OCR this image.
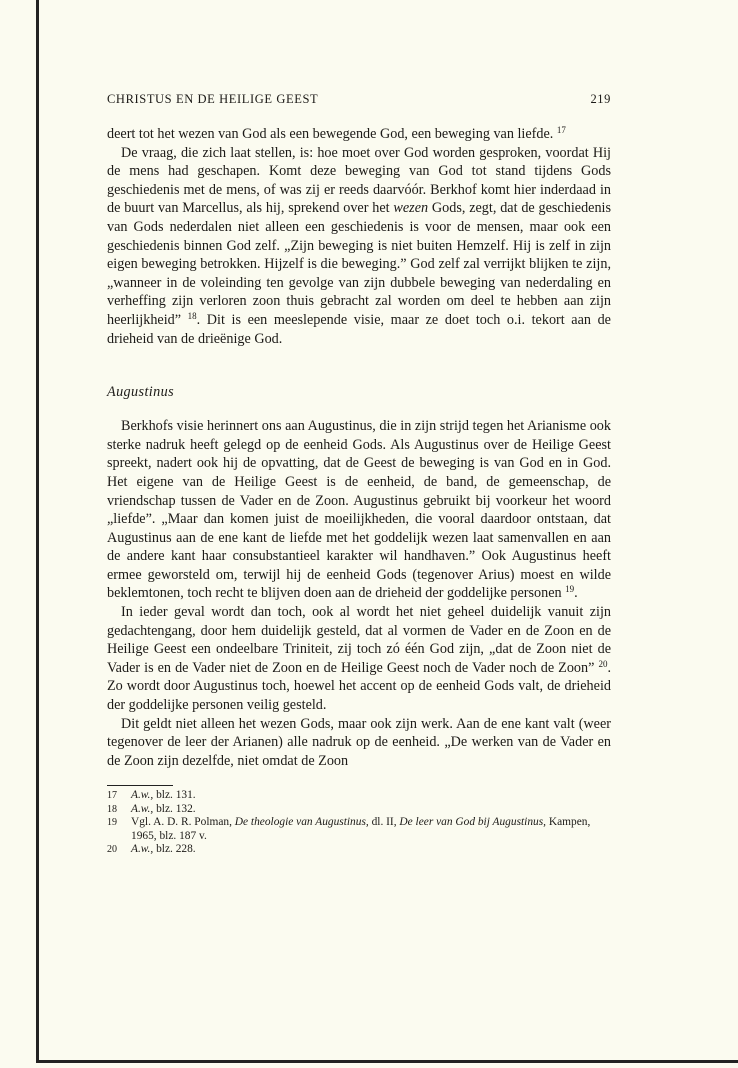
CHRISTUS EN DE HEILIGE GEEST	219

deert tot het wezen van God als een bewegende God, een beweging van liefde. $^{17}$

De vraag, die zich laat stellen, is: hoe moet over God worden gesproken, voordat Hij de mens had geschapen. Komt deze beweging van God tot stand tijdens Gods geschiedenis met de mens, of was zij er reeds daarvóór. Berkhof komt hier inderdaad in de buurt van Marcellus, als hij, sprekend over het wezen Gods, zegt, dat de geschiedenis van Gods nederdalen niet alleen een geschiedenis is voor de mensen, maar ook een geschiedenis binnen God zelf. „Zijn beweging is niet buiten Hemzelf. Hij is zelf in zijn eigen beweging betrokken. Hijzelf is die beweging.” God zelf zal verrijkt blijken te zijn, „wanneer in de voleinding ten gevolge van zijn dubbele beweging van nederdaling en verheffing zijn verloren zoon thuis gebracht zal worden om deel te hebben aan zijn heerlijkheid” $^{18}$. Dit is een meeslepende visie, maar ze doet toch o.i. tekort aan de drieheid van de drieënige God.

Augustinus

Berkhofs visie herinnert ons aan Augustinus, die in zijn strijd tegen het Arianisme ook sterke nadruk heeft gelegd op de eenheid Gods. Als Augustinus over de Heilige Geest spreekt, nadert ook hij de opvatting, dat de Geest de beweging is van God en in God. Het eigene van de Heilige Geest is de eenheid, de band, de gemeenschap, de vriendschap tussen de Vader en de Zoon. Augustinus gebruikt bij voorkeur het woord „liefde”. „Maar dan komen juist de moeilijkheden, die vooral daardoor ontstaan, dat Augustinus aan de ene kant de liefde met het goddelijk wezen laat samenvallen en aan de andere kant haar consubstantieel karakter wil handhaven.” Ook Augustinus heeft ermee geworsteld om, terwijl hij de eenheid Gods (tegenover Arius) moest en wilde beklemtonen, toch recht te blijven doen aan de drieheid der goddelijke personen $^{19}$.

In ieder geval wordt dan toch, ook al wordt het niet geheel duidelijk vanuit zijn gedachtengang, door hem duidelijk gesteld, dat al vormen de Vader en de Zoon en de Heilige Geest een ondeelbare Triniteit, zij toch zó één God zijn, „dat de Zoon niet de Vader is en de Vader niet de Zoon en de Heilige Geest noch de Vader noch de Zoon” $^{20}$. Zo wordt door Augustinus toch, hoewel het accent op de eenheid Gods valt, de drieheid der goddelijke personen veilig gesteld.

Dit geldt niet alleen het wezen Gods, maar ook zijn werk. Aan de ene kant valt (weer tegenover de leer der Arianen) alle nadruk op de eenheid. „De werken van de Vader en de Zoon zijn dezelfde, niet omdat de Zoon

17	A.w., blz. 131.
18	A.w., blz. 132.
19	Vgl. A. D. R. Polman, De theologie van Augustinus, dl. II, De leer van God bij Augustinus, Kampen, 1965, blz. 187 v.
20	A.w., blz. 228.
